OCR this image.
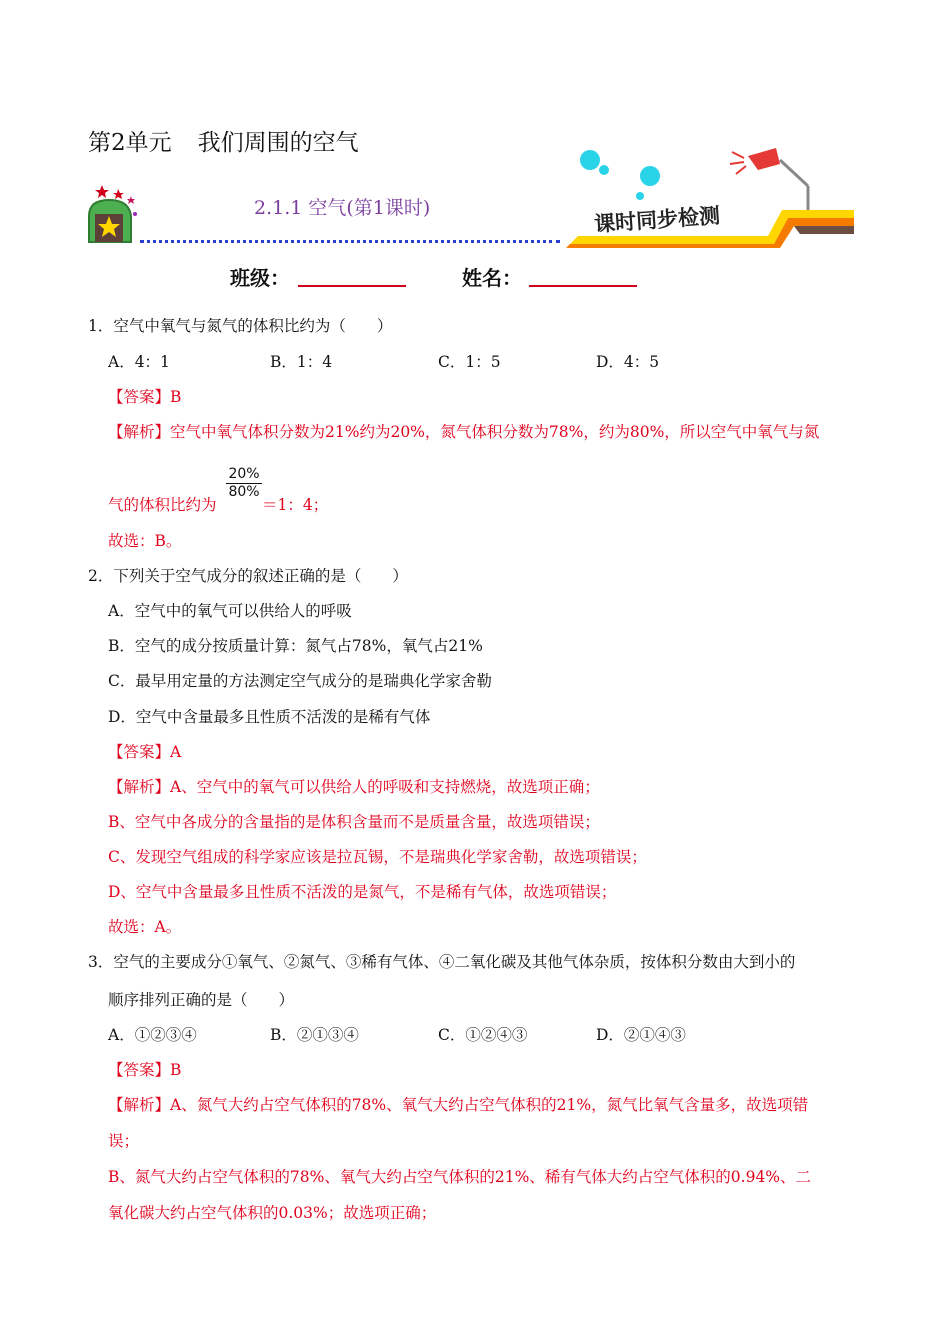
第2单元 我们周围的空气
2.1.1 空气(第1课时)	课时同步检测
班级：	姓名：
1．空气中氧气与氮气的体积比约为（　　）
A．4：1	B．1：4	C．1：5	D．4：5
【答案】B
【解析】空气中氧气体积分数为21%约为20%，氮气体积分数为78%，约为80%，所以空气中氧气与氮
气的体积比约为
$\frac{20\%}{80\%}$
＝1：4；
故选：B。
2．下列关于空气成分的叙述正确的是（　　）
A．空气中的氧气可以供给人的呼吸
B．空气的成分按质量计算：氮气占78%，氧气占21%
C．最早用定量的方法测定空气成分的是瑞典化学家舍勒
D．空气中含量最多且性质不活泼的是稀有气体
【答案】A
【解析】A、空气中的氧气可以供给人的呼吸和支持燃烧，故选项正确；
B、空气中各成分的含量指的是体积含量而不是质量含量，故选项错误；
C、发现空气组成的科学家应该是拉瓦锡，不是瑞典化学家舍勒，故选项错误；
D、空气中含量最多且性质不活泼的是氮气，不是稀有气体，故选项错误；
故选：A。
3．空气的主要成分①氧气、②氮气、③稀有气体、④二氧化碳及其他气体杂质，按体积分数由大到小的
顺序排列正确的是（　　）
A．①②③④	B．②①③④	C．①②④③	D．②①④③
【答案】B
【解析】A、氮气大约占空气体积的78%、氧气大约占空气体积的21%，氮气比氧气含量多，故选项错
误；
B、氮气大约占空气体积的78%、氧气大约占空气体积的21%、稀有气体大约占空气体积的0.94%、二
氧化碳大约占空气体积的0.03%；故选项正确；
